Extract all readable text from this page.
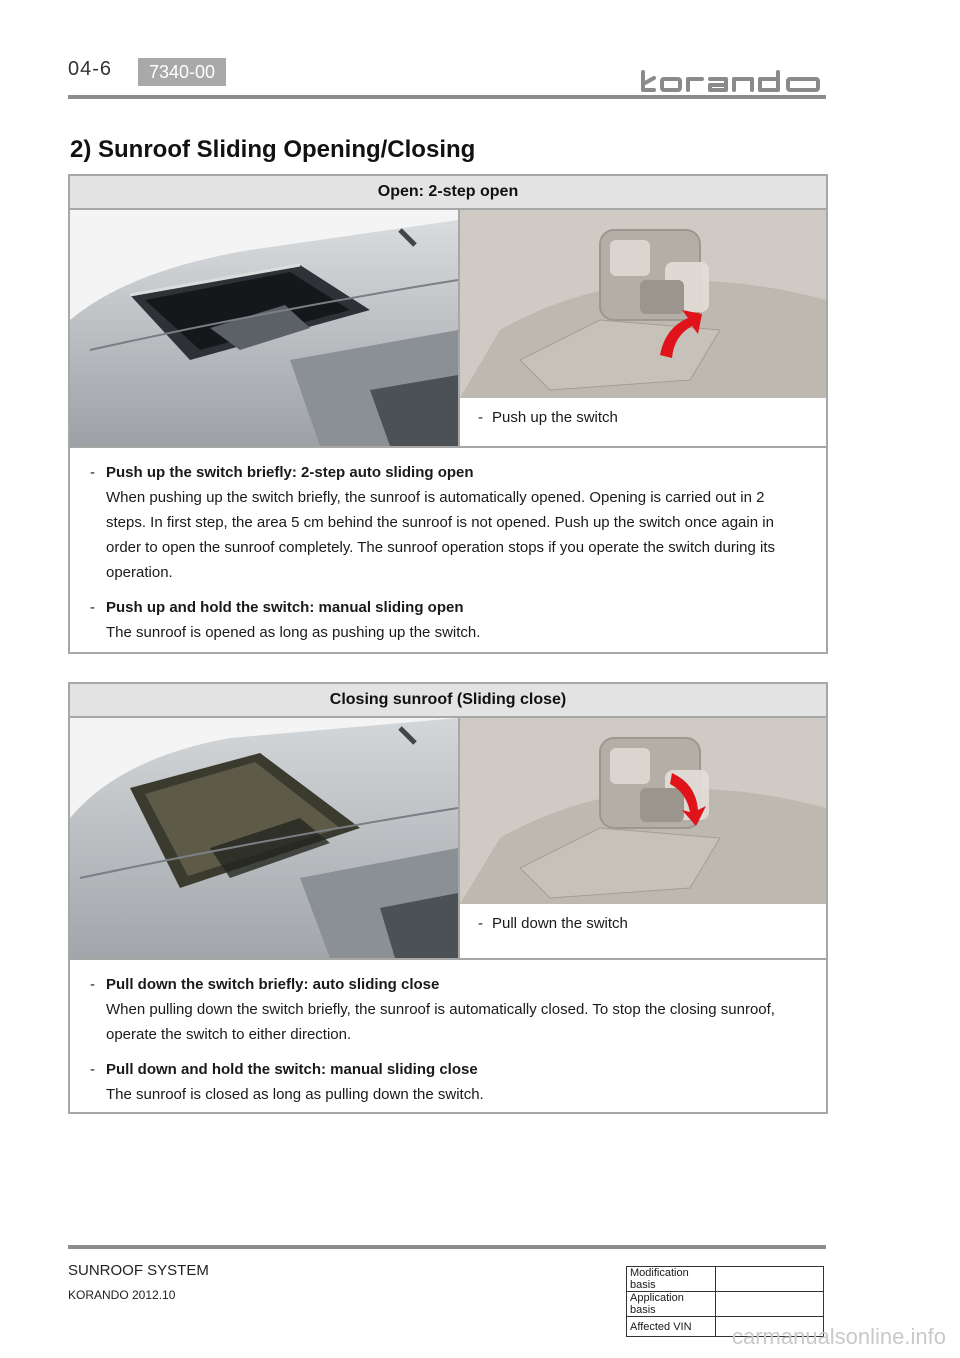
04-6	7340-00
2) Sunroof Sliding Opening/Closing
Open: 2-step open
- Push up the switch
- Push up the switch briefly: 2-step auto sliding open
When pushing up the switch briefly, the sunroof is automatically opened. Opening is carried out in 2 steps. In first step, the area 5 cm behind the sunroof is not opened. Push up the switch once again in order to open the sunroof completely. The sunroof operation stops if you operate the switch during its operation.
- Push up and hold the switch: manual sliding open
The sunroof is opened as long as pushing up the switch.
Closing sunroof (Sliding close)
- Pull down the switch
- Pull down the switch briefly: auto sliding close
When pulling down the switch briefly, the sunroof is automatically closed. To stop the closing sunroof, operate the switch to either direction.
- Pull down and hold the switch: manual sliding close
The sunroof is closed as long as pulling down the switch.
SUNROOF SYSTEM
KORANDO 2012.10
Modification basis	
Application basis	
Affected VIN	carmanualsonline.info
